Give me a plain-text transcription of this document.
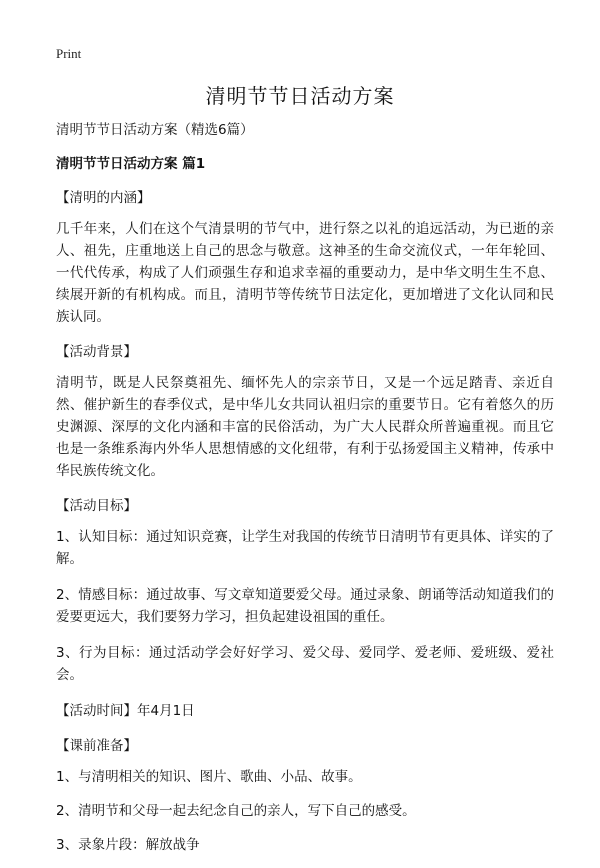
Print
清明节节日活动方案
清明节节日活动方案（精选6篇）
清明节节日活动方案 篇1
【清明的内涵】

几千年来，人们在这个气清景明的节气中，进行祭之以礼的追远活动，为已逝的亲人、祖先，庄重地送上自己的思念与敬意。这神圣的生命交流仪式，一年年轮回、一代代传承，构成了人们顽强生存和追求幸福的重要动力，是中华文明生生不息、续展开新的有机构成。而且，清明节等传统节日法定化，更加增进了文化认同和民族认同。

【活动背景】

清明节，既是人民祭奠祖先、缅怀先人的宗亲节日，又是一个远足踏青、亲近自然、催护新生的春季仪式，是中华儿女共同认祖归宗的重要节日。它有着悠久的历史渊源、深厚的文化内涵和丰富的民俗活动，为广大人民群众所普遍重视。而且它也是一条维系海内外华人思想情感的文化纽带，有利于弘扬爱国主义精神，传承中华民族传统文化。

【活动目标】

1、认知目标：通过知识竞赛，让学生对我国的传统节日清明节有更具体、详实的了解。

2、情感目标：通过故事、写文章知道要爱父母。通过录象、朗诵等活动知道我们的爱要更远大，我们要努力学习，担负起建设祖国的重任。

3、行为目标：通过活动学会好好学习、爱父母、爱同学、爱老师、爱班级、爱社会。

【活动时间】年4月1日

【课前准备】

1、与清明相关的知识、图片、歌曲、小品、故事。

2、清明节和父母一起去纪念自己的亲人，写下自己的感受。

3、录象片段：解放战争
